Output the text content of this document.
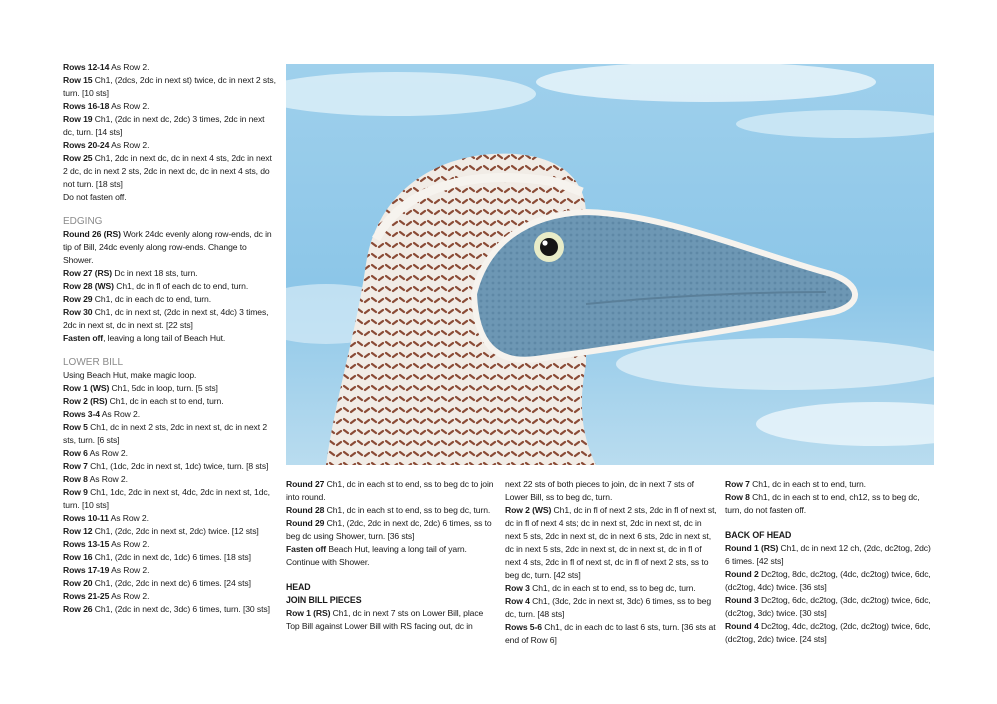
Rows 12-14 As Row 2.

Row 15 Ch1, (2dcs, 2dc in next st) twice, dc in next 2 sts, turn. [10 sts]

Rows 16-18 As Row 2.

Row 19 Ch1, (2dc in next dc, 2dc) 3 times, 2dc in next dc, turn. [14 sts]

Rows 20-24 As Row 2.

Row 25 Ch1, 2dc in next dc, dc in next 4 sts, 2dc in next 2 dc, dc in next 2 sts, 2dc in next dc, dc in next 4 sts, do not turn. [18 sts]

Do not fasten off.

EDGING

Round 26 (RS) Work 24dc evenly along row-ends, dc in tip of Bill, 24dc evenly along row-ends. Change to Shower.

Row 27 (RS) Dc in next 18 sts, turn.

Row 28 (WS) Ch1, dc in fl of each dc to end, turn.

Row 29 Ch1, dc in each dc to end, turn.

Row 30 Ch1, dc in next st, (2dc in next st, 4dc) 3 times, 2dc in next st, dc in next st. [22 sts]

Fasten off, leaving a long tail of Beach Hut.

LOWER BILL

Using Beach Hut, make magic loop.

Row 1 (WS) Ch1, 5dc in loop, turn. [5 sts]

Row 2 (RS) Ch1, dc in each st to end, turn.

Rows 3-4 As Row 2.

Row 5 Ch1, dc in next 2 sts, 2dc in next st, dc in next 2 sts, turn. [6 sts]

Row 6 As Row 2.

Row 7 Ch1, (1dc, 2dc in next st, 1dc) twice, turn. [8 sts]

Row 8 As Row 2.

Row 9 Ch1, 1dc, 2dc in next st, 4dc, 2dc in next st, 1dc, turn. [10 sts]

Rows 10-11 As Row 2.

Row 12 Ch1, (2dc, 2dc in next st, 2dc) twice. [12 sts]

Rows 13-15 As Row 2.

Row 16 Ch1, (2dc in next dc, 1dc) 6 times. [18 sts]

Rows 17-19 As Row 2.

Row 20 Ch1, (2dc, 2dc in next dc) 6 times. [24 sts]

Rows 21-25 As Row 2.

Row 26 Ch1, (2dc in next dc, 3dc) 6 times, turn. [30 sts]

Round 27 Ch1, dc in each st to end, ss to beg dc to join into round.

Round 28 Ch1, dc in each st to end, ss to beg dc, turn.

Round 29 Ch1, (2dc, 2dc in next dc, 2dc) 6 times, ss to beg dc using Shower, turn. [36 sts]

Fasten off Beach Hut, leaving a long tail of yarn. Continue with Shower.

HEAD

JOIN BILL PIECES

Row 1 (RS) Ch1, dc in next 7 sts on Lower Bill, place Top Bill against Lower Bill with RS facing out, dc in

next 22 sts of both pieces to join, dc in next 7 sts of Lower Bill, ss to beg dc, turn.

Row 2 (WS) Ch1, dc in fl of next 2 sts, 2dc in fl of next st, dc in fl of next 4 sts; dc in next st, 2dc in next st, dc in next 5 sts, 2dc in next st, dc in next 6 sts, 2dc in next st, dc in next 5 sts, 2dc in next st, dc in next st, dc in fl of next 4 sts, 2dc in fl of next st, dc in fl of next 2 sts, ss to beg dc, turn. [42 sts]

Row 3 Ch1, dc in each st to end, ss to beg dc, turn.

Row 4 Ch1, (3dc, 2dc in next st, 3dc) 6 times, ss to beg dc, turn. [48 sts]

Rows 5-6 Ch1, dc in each dc to last 6 sts, turn. [36 sts at end of Row 6]

Row 7 Ch1, dc in each st to end, turn.

Row 8 Ch1, dc in each st to end, ch12, ss to beg dc, turn, do not fasten off.

BACK OF HEAD

Round 1 (RS) Ch1, dc in next 12 ch, (2dc, dc2tog, 2dc) 6 times. [42 sts]

Round 2 Dc2tog, 8dc, dc2tog, (4dc, dc2tog) twice, 6dc, (dc2tog, 4dc) twice. [36 sts]

Round 3 Dc2tog, 6dc, dc2tog, (3dc, dc2tog) twice, 6dc, (dc2tog, 3dc) twice. [30 sts]

Round 4 Dc2tog, 4dc, dc2tog, (2dc, dc2tog) twice, 6dc, (dc2tog, 2dc) twice. [24 sts]
